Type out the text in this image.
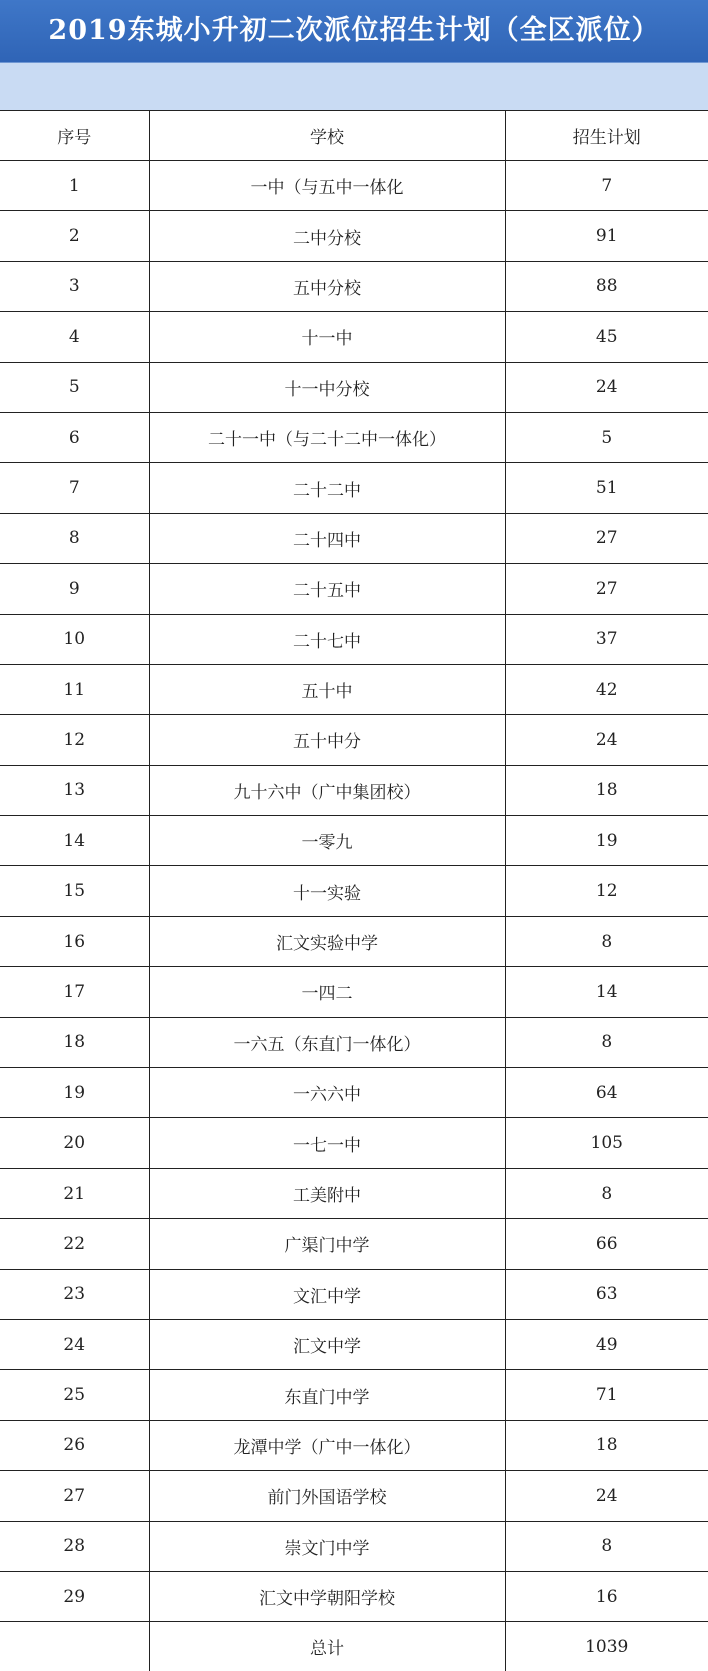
2019东城小升初二次派位招生计划（全区派位）
序号	学校	招生计划
1	一中（与五中一体化	7
2	二中分校	91
3	五中分校	88
4	十一中	45
5	十一中分校	24
6	二十一中（与二十二中一体化）	5
7	二十二中	51
8	二十四中	27
9	二十五中	27
10	二十七中	37
11	五十中	42
12	五十中分	24
13	九十六中（广中集团校）	18
14	一零九	19
15	十一实验	12
16	汇文实验中学	8
17	一四二	14
18	一六五（东直门一体化）	8
19	一六六中	64
20	一七一中	105
21	工美附中	8
22	广渠门中学	66
23	文汇中学	63
24	汇文中学	49
25	东直门中学	71
26	龙潭中学（广中一体化）	18
27	前门外国语学校	24
28	崇文门中学	8
29	汇文中学朝阳学校	16
	总计	1039
